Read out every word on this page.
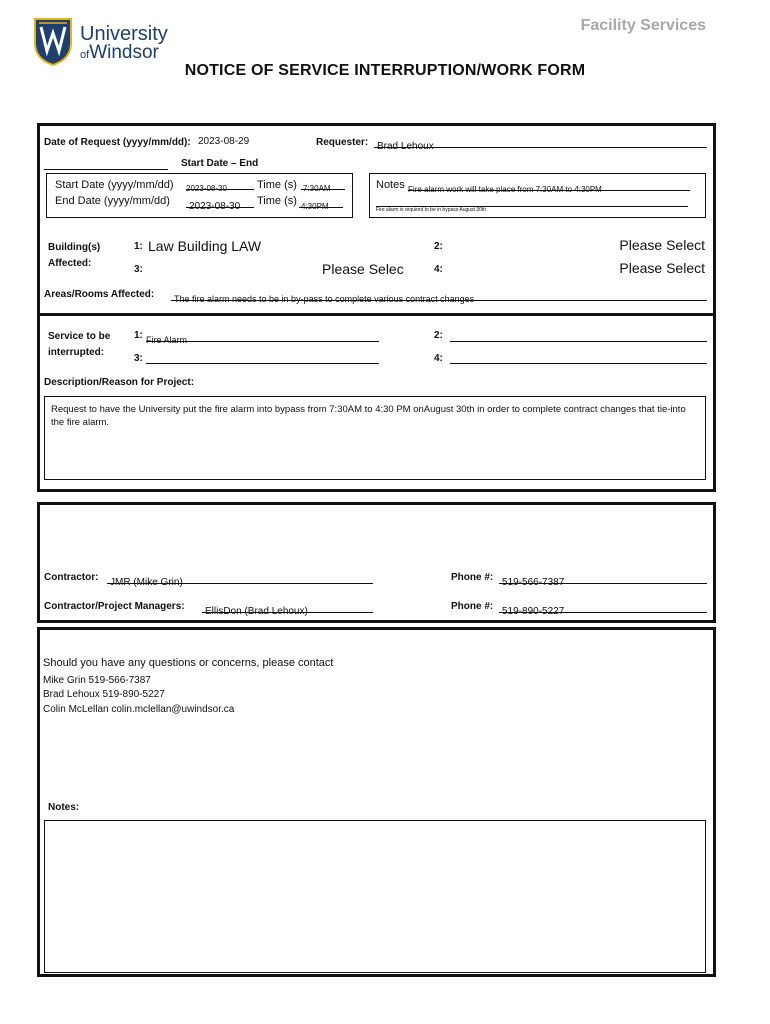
University
ofWindsor
Facility Services
NOTICE OF SERVICE INTERRUPTION/WORK FORM
Date of Request (yyyy/mm/dd): 2023-08-29	Requester: Brad Lehoux
Start Date – End
Start Date (yyyy/mm/dd) 2023-08-30	Time (s) 7:30AM
End Date (yyyy/mm/dd)	2023-08-30	Time (s) 4:30PM
Notes Fire alarm work will take place from 7:30AM to 4:30PM
Fire alarm is required to be in bypass August 30th
Building(s)
Affected:
1: Law Building LAW	2:	Please Select
3:	Please Selec	4:	Please Select
Areas/Rooms Affected:	The fire alarm needs to be in by-pass to complete various contract changes
Service to be
interrupted:
1: Fire Alarm	2:
3:	4:
Description/Reason for Project:
Request to have the University put the fire alarm into bypass from 7:30AM to 4:30 PM onAugust 30th in order to complete contract changes that tie-into the fire alarm.
Contractor:	JMR (Mike Grin)	Phone #: 519-566-7387
Contractor/Project Managers:	EllisDon (Brad Lehoux)	Phone #: 519-890-5227
Should you have any questions or concerns, please contact
Mike Grin 519-566-7387
Brad Lehoux 519-890-5227
Colin McLellan colin.mclellan@uwindsor.ca
Notes:
